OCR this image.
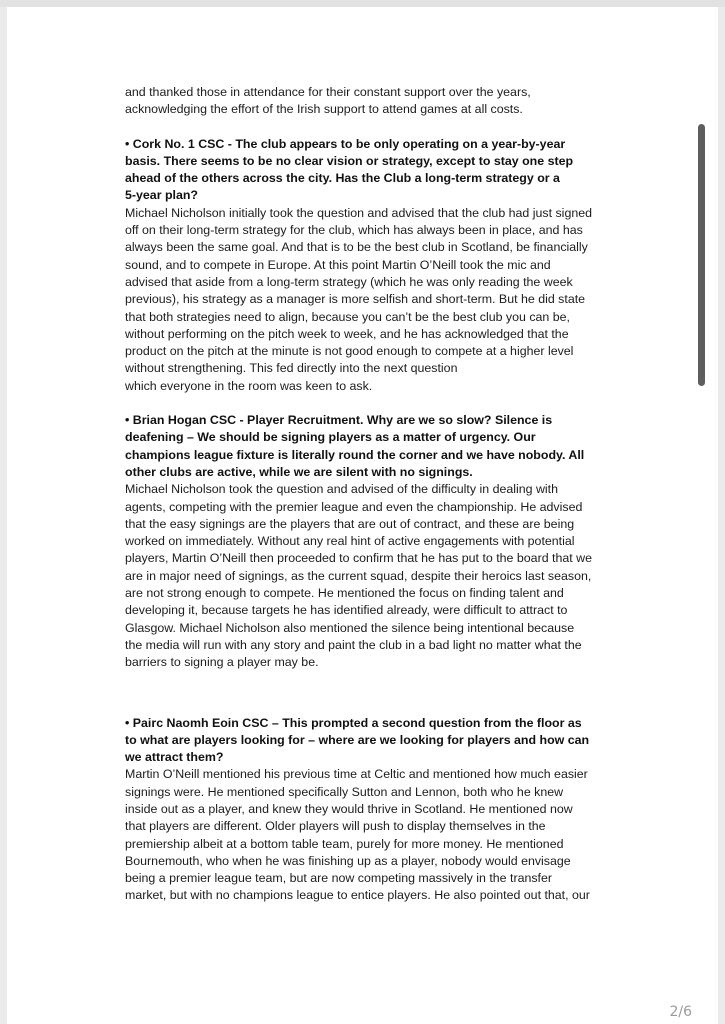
and thanked those in attendance for their constant support over the years,

acknowledging the effort of the Irish support to attend games at all costs.

• Cork No. 1 CSC - The club appears to be only operating on a year-by-year

basis. There seems to be no clear vision or strategy, except to stay one step

ahead of the others across the city. Has the Club a long-term strategy or a

5-year plan?

Michael Nicholson initially took the question and advised that the club had just signed

off on their long-term strategy for the club, which has always been in place, and has

always been the same goal. And that is to be the best club in Scotland, be financially

sound, and to compete in Europe. At this point Martin O’Neill took the mic and

advised that aside from a long-term strategy (which he was only reading the week

previous), his strategy as a manager is more selfish and short-term. But he did state

that both strategies need to align, because you can’t be the best club you can be,

without performing on the pitch week to week, and he has acknowledged that the

product on the pitch at the minute is not good enough to compete at a higher level

without strengthening. This fed directly into the next question

which everyone in the room was keen to ask.

• Brian Hogan CSC - Player Recruitment. Why are we so slow? Silence is

deafening – We should be signing players as a matter of urgency. Our

champions league fixture is literally round the corner and we have nobody. All

other clubs are active, while we are silent with no signings.

Michael Nicholson took the question and advised of the difficulty in dealing with

agents, competing with the premier league and even the championship. He advised

that the easy signings are the players that are out of contract, and these are being

worked on immediately. Without any real hint of active engagements with potential

players, Martin O’Neill then proceeded to confirm that he has put to the board that we

are in major need of signings, as the current squad, despite their heroics last season,

are not strong enough to compete. He mentioned the focus on finding talent and

developing it, because targets he has identified already, were difficult to attract to

Glasgow. Michael Nicholson also mentioned the silence being intentional because

the media will run with any story and paint the club in a bad light no matter what the

barriers to signing a player may be.

• Pairc Naomh Eoin CSC – This prompted a second question from the floor as

to what are players looking for – where are we looking for players and how can

we attract them?

Martin O’Neill mentioned his previous time at Celtic and mentioned how much easier

signings were. He mentioned specifically Sutton and Lennon, both who he knew

inside out as a player, and knew they would thrive in Scotland. He mentioned now

that players are different. Older players will push to display themselves in the

premiership albeit at a bottom table team, purely for more money. He mentioned

Bournemouth, who when he was finishing up as a player, nobody would envisage

being a premier league team, but are now competing massively in the transfer

market, but with no champions league to entice players. He also pointed out that, our

2/6
